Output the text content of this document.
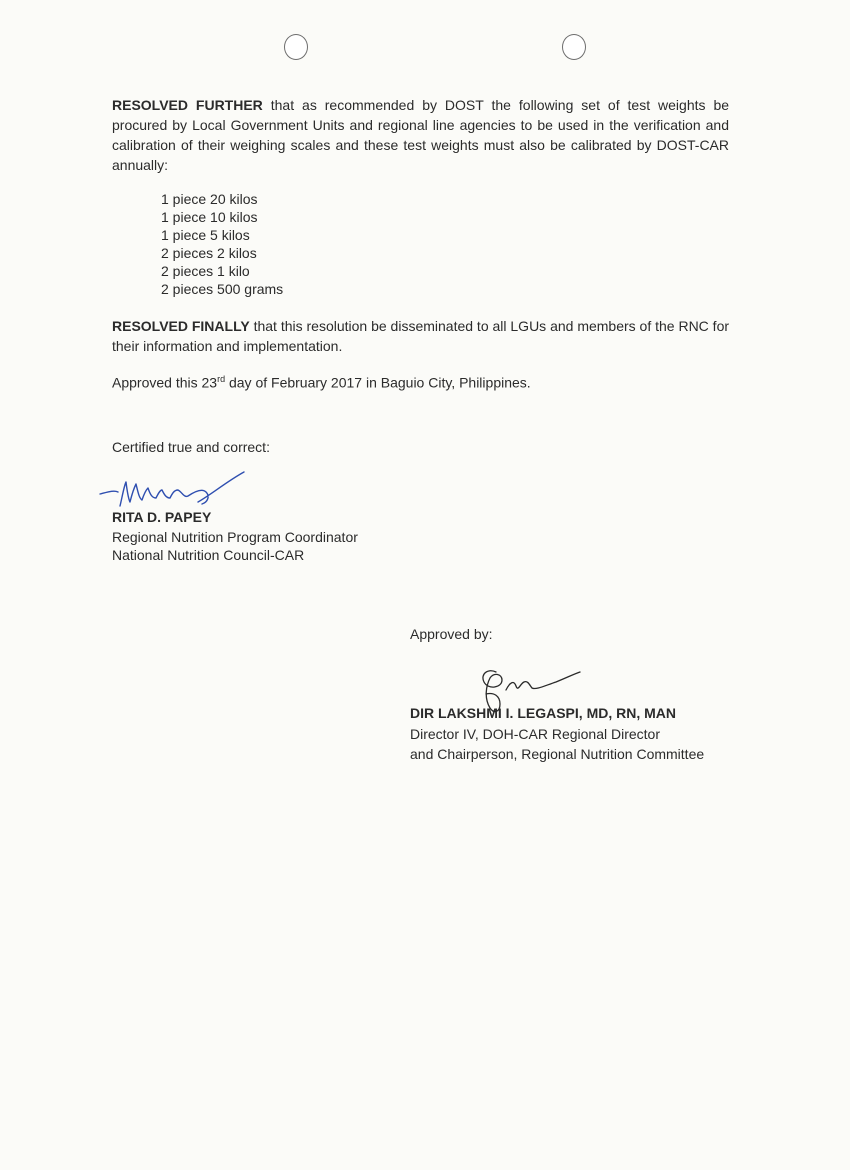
RESOLVED FURTHER that as recommended by DOST the following set of test weights be procured by Local Government Units and regional line agencies to be used in the verification and calibration of their weighing scales and these test weights must also be calibrated by DOST-CAR annually:
1 piece 20 kilos
1 piece 10 kilos
1 piece 5 kilos
2 pieces 2 kilos
2 pieces 1 kilo
2 pieces 500 grams
RESOLVED FINALLY that this resolution be disseminated to all LGUs and members of the RNC for their information and implementation.
Approved this 23rd day of February 2017 in Baguio City, Philippines.
Certified true and correct:
RITA D. PAPEY
Regional Nutrition Program Coordinator
National Nutrition Council-CAR
Approved by:
DIR LAKSHMI I. LEGASPI, MD, RN, MAN
Director IV, DOH-CAR Regional Director
and Chairperson, Regional Nutrition Committee
